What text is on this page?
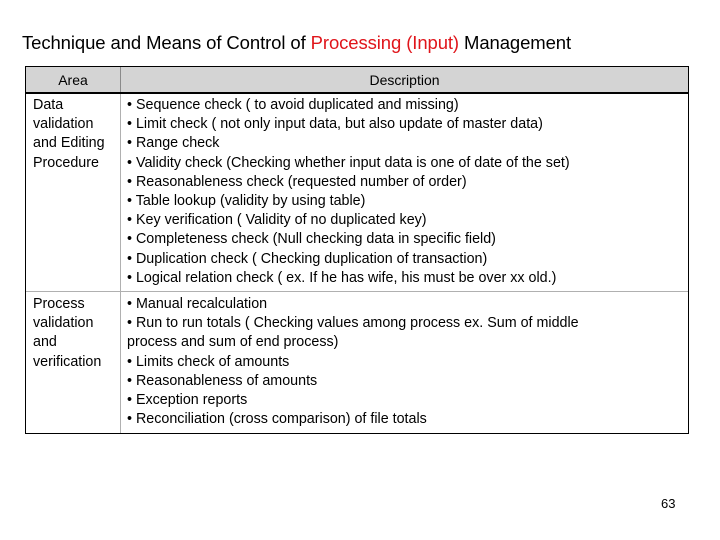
Technique and Means of Control of Processing (Input) Management
Area	Description
Data
validation
and Editing
Procedure
• Sequence check ( to avoid duplicated and missing)
• Limit check ( not only input data, but also update of master data)
• Range check
• Validity check (Checking whether input data is one of date of the set)
• Reasonableness check (requested number of order)
• Table lookup (validity by using table)
• Key verification ( Validity of no duplicated key)
• Completeness check (Null checking data in specific field)
• Duplication check ( Checking duplication of transaction)
• Logical relation check ( ex. If he has wife, his must be over xx old.)
Process
validation
and
verification
• Manual recalculation
• Run to run totals ( Checking values among process ex. Sum of middle
process and sum of end process)
• Limits check of amounts
• Reasonableness of amounts
• Exception reports
• Reconciliation (cross comparison) of file totals
63
